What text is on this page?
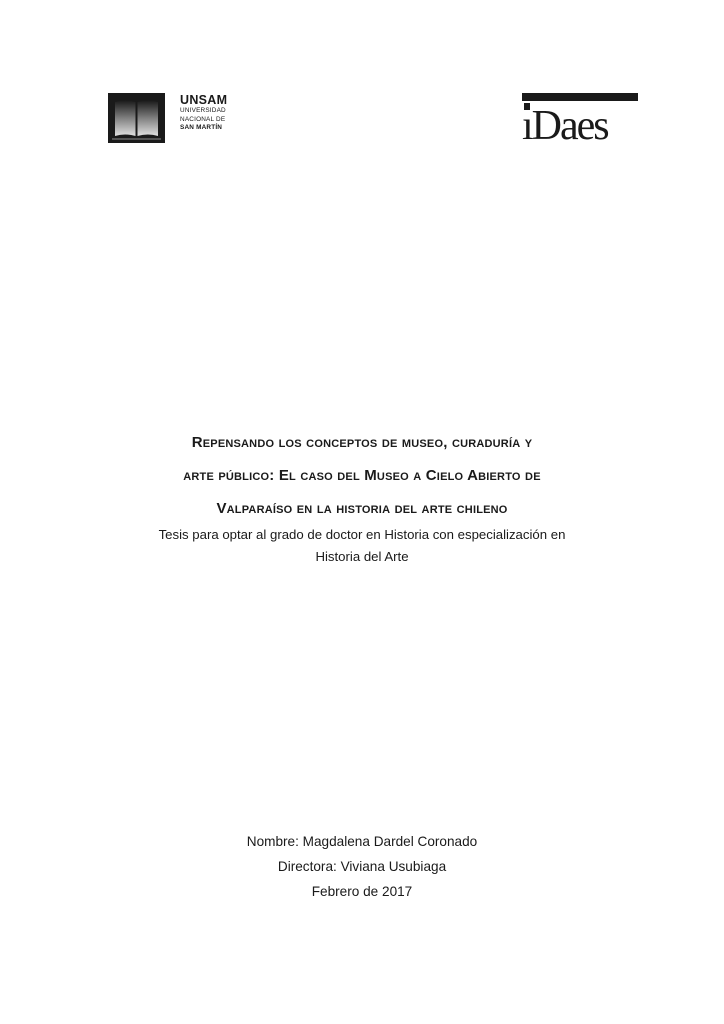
UNSAM
UNIVERSIDAD
NACIONAL DE
SAN MARTÍN	ıDaes
Repensando los conceptos de museo, curaduría y
arte público: El caso del Museo a Cielo Abierto de
Valparaíso en la historia del arte chileno
Tesis para optar al grado de doctor en Historia con especialización en
Historia del Arte
Nombre: Magdalena Dardel Coronado
Directora: Viviana Usubiaga
Febrero de 2017
